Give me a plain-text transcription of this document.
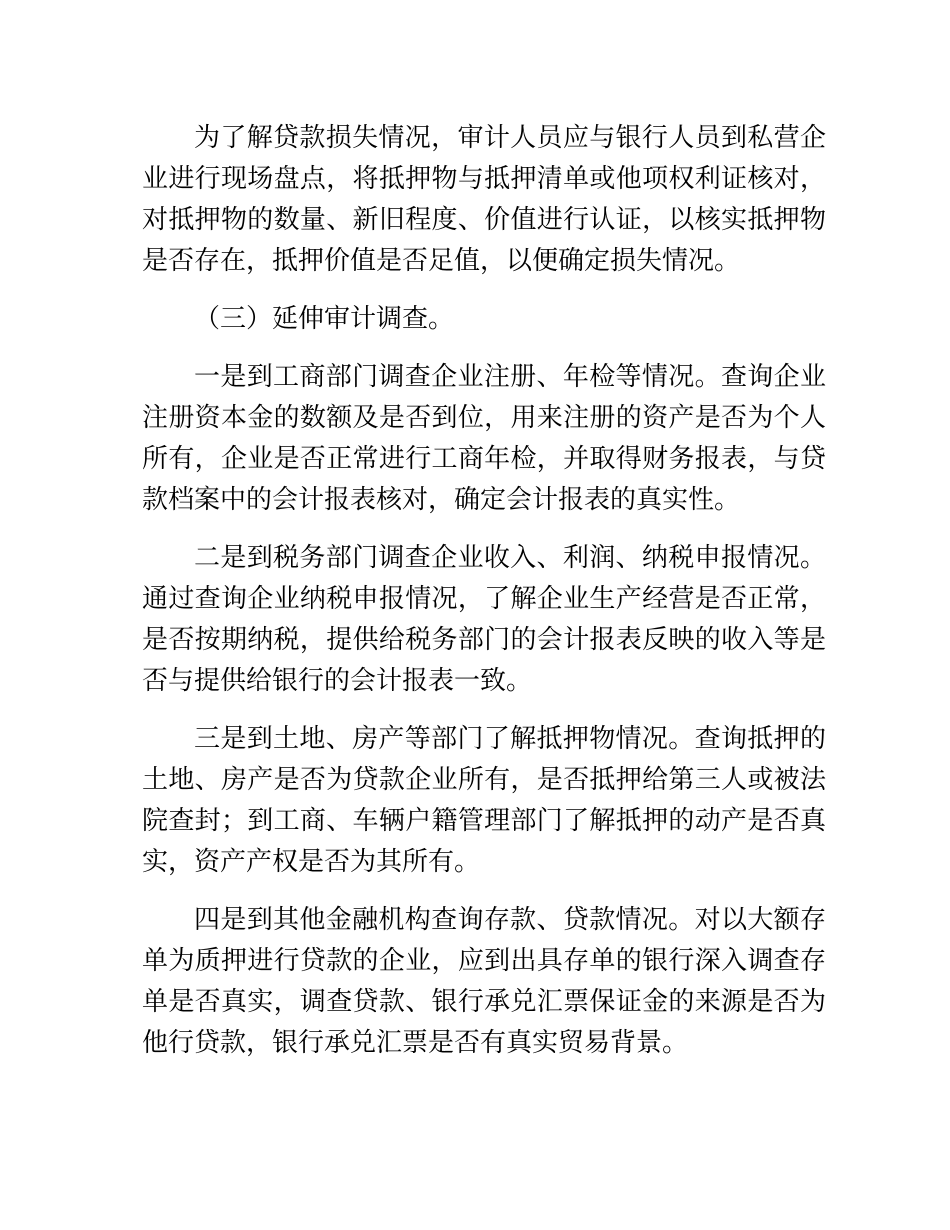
为了解贷款损失情况，审计人员应与银行人员到私营企业进行现场盘点，将抵押物与抵押清单或他项权利证核对，对抵押物的数量、新旧程度、价值进行认证，以核实抵押物是否存在，抵押价值是否足值，以便确定损失情况。

（三）延伸审计调查。

一是到工商部门调查企业注册、年检等情况。查询企业注册资本金的数额及是否到位，用来注册的资产是否为个人所有，企业是否正常进行工商年检，并取得财务报表，与贷款档案中的会计报表核对，确定会计报表的真实性。

二是到税务部门调查企业收入、利润、纳税申报情况。通过查询企业纳税申报情况，了解企业生产经营是否正常，是否按期纳税，提供给税务部门的会计报表反映的收入等是否与提供给银行的会计报表一致。

三是到土地、房产等部门了解抵押物情况。查询抵押的土地、房产是否为贷款企业所有，是否抵押给第三人或被法院查封；到工商、车辆户籍管理部门了解抵押的动产是否真实，资产产权是否为其所有。

四是到其他金融机构查询存款、贷款情况。对以大额存单为质押进行贷款的企业，应到出具存单的银行深入调查存单是否真实，调查贷款、银行承兑汇票保证金的来源是否为他行贷款，银行承兑汇票是否有真实贸易背景。
